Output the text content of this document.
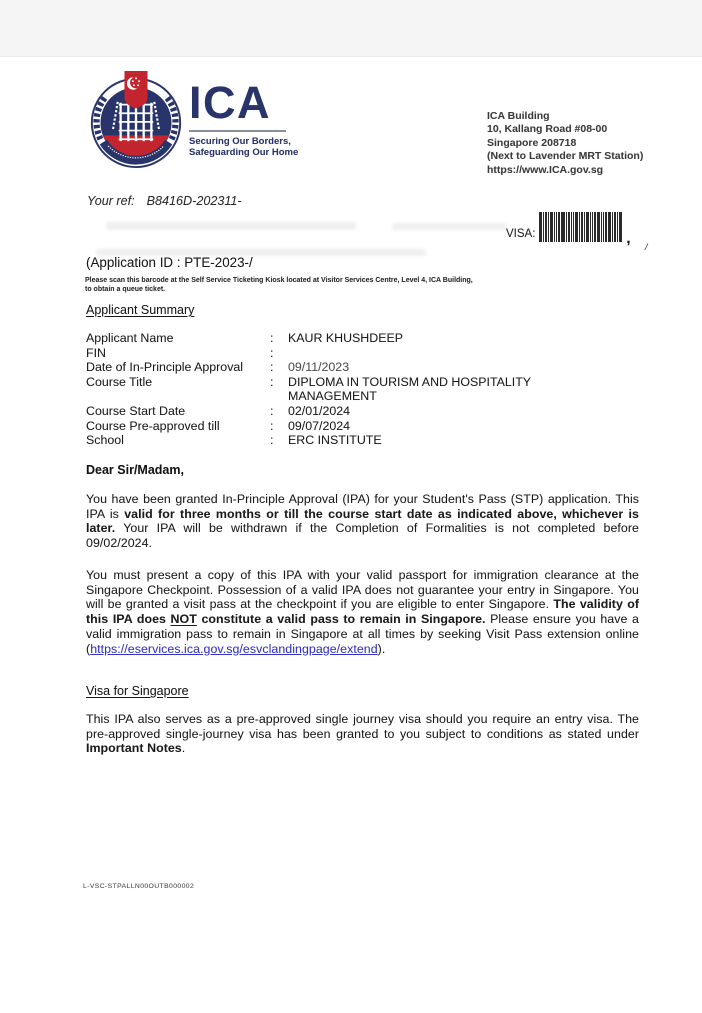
ICA
Securing Our Borders,
Safeguarding Our Home
ICA Building
10, Kallang Road #08-00
Singapore 208718
(Next to Lavender MRT Station)
https://www.ICA.gov.sg
Your ref: B8416D-202311-
VISA:	, /
(Application ID : PTE-2023-/
Please scan this barcode at the Self Service Ticketing Kiosk located at Visitor Services Centre, Level 4, ICA Building,
to obtain a queue ticket.
Applicant Summary
Applicant Name	:	KAUR KHUSHDEEP
FIN	:
Date of In-Principle Approval	:	09/11/2023
Course Title	:	DIPLOMA IN TOURISM AND HOSPITALITY MANAGEMENT
Course Start Date	:	02/01/2024
Course Pre-approved till	:	09/07/2024
School	:	ERC INSTITUTE
Dear Sir/Madam,
You have been granted In-Principle Approval (IPA) for your Student's Pass (STP) application. This IPA is valid for three months or till the course start date as indicated above, whichever is later. Your IPA will be withdrawn if the Completion of Formalities is not completed before 09/02/2024.
You must present a copy of this IPA with your valid passport for immigration clearance at the Singapore Checkpoint. Possession of a valid IPA does not guarantee your entry in Singapore. You will be granted a visit pass at the checkpoint if you are eligible to enter Singapore. The validity of this IPA does NOT constitute a valid pass to remain in Singapore. Please ensure you have a valid immigration pass to remain in Singapore at all times by seeking Visit Pass extension online (https://eservices.ica.gov.sg/esvclandingpage/extend).
Visa for Singapore
This IPA also serves as a pre-approved single journey visa should you require an entry visa. The pre-approved single-journey visa has been granted to you subject to conditions as stated under Important Notes.
L-VSC-STPALLN00OUTB000002
